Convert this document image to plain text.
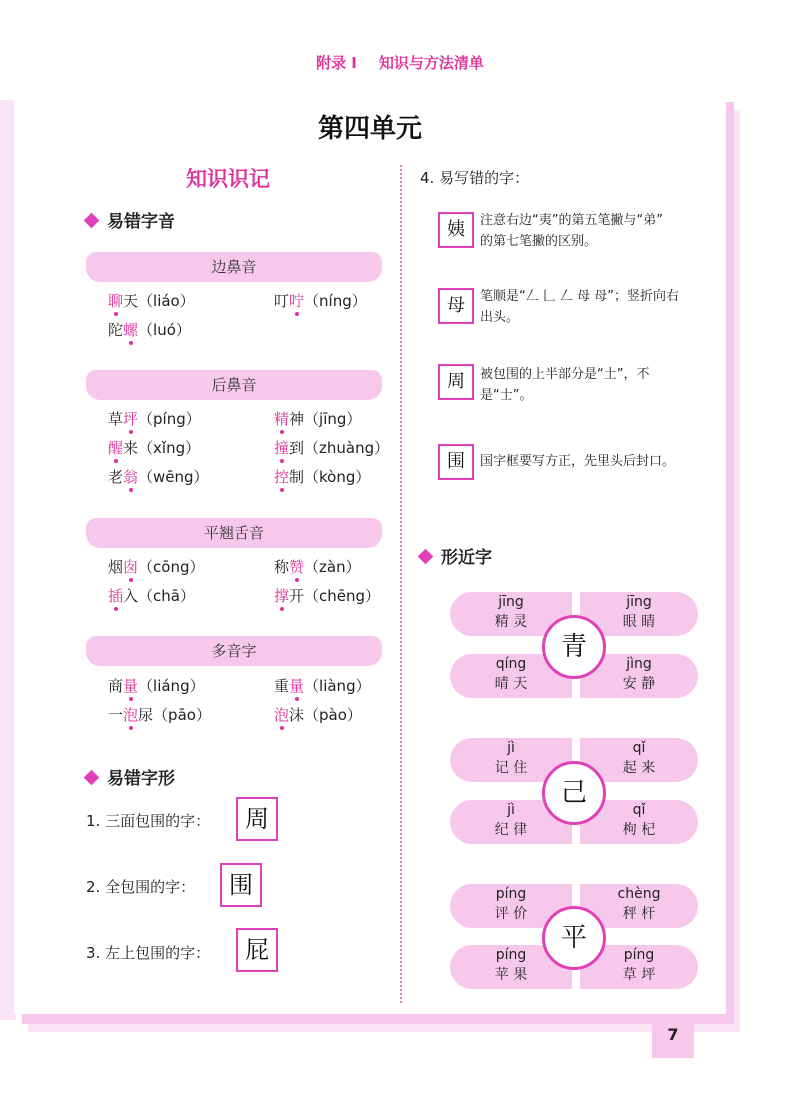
附录 I 知识与方法清单
第四单元
知识识记
易错字音
边鼻音
聊天（liáo）	叮咛（níng）
陀螺（luó）
后鼻音
草坪（píng）	精神（jīng）
醒来（xǐng）	撞到（zhuàng）
老翁（wēng）	控制（kòng）
平翘舌音
烟囱（cōng）	称赞（zàn）
插入（chā）	撑开（chēng）
多音字
商量（liáng）	重量（liàng）
一泡尿（pāo）	泡沫（pào）
易错字形
1. 三面包围的字：	周
2. 全包围的字：	围
3. 左上包围的字：	屁
4. 易写错的字：
姨	注意右边“夷”的第五笔撇与“弟”
的第七笔撇的区别。
母	笔顺是“𠃋 𠃊 𠃋 母 母”；竖折向右
出头。
周	被包围的上半部分是“土”，不
是“士”。
围	国字框要写方正，先里头后封口。
形近字
jīng
精 灵
jīng
眼 睛
qíng
晴 天
jìng
安 静
青
jì
记 住
qǐ
起 来
jì
纪 律
qǐ
枸 杞
己
píng
评 价
chèng
秤 杆
píng
苹 果
píng
草 坪
平
7
